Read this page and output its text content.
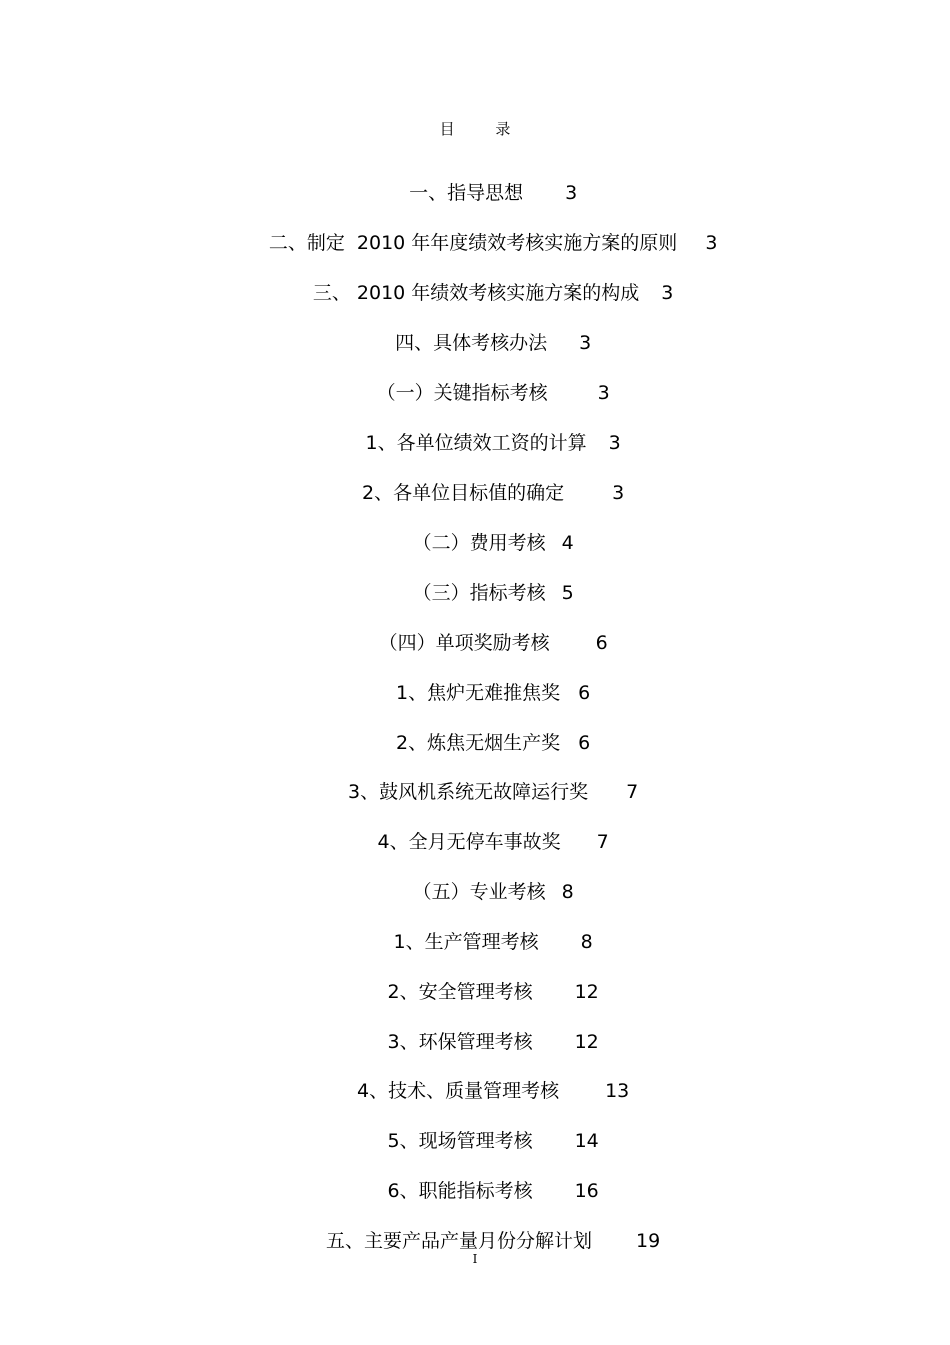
目 录

一、指导思想 3

二、制定  2010 年年度绩效考核实施方案的原则 3

三、 2010 年绩效考核实施方案的构成 3

四、具体考核办法 3

（一）关键指标考核	3

1、各单位绩效工资的计算 3

2、各单位目标值的确定	3

（二）费用考核 4

（三）指标考核 5

（四）单项奖励考核 6

1、焦炉无难推焦奖 6

2、炼焦无烟生产奖 6

3、鼓风机系统无故障运行奖 7

4、全月无停车事故奖 7

（五）专业考核 8

1、生产管理考核 8

2、安全管理考核 12

3、环保管理考核 12

4、技术、质量管理考核 13

5、现场管理考核 14

6、职能指标考核 16

五、主要产品产量月份分解计划 19

I
